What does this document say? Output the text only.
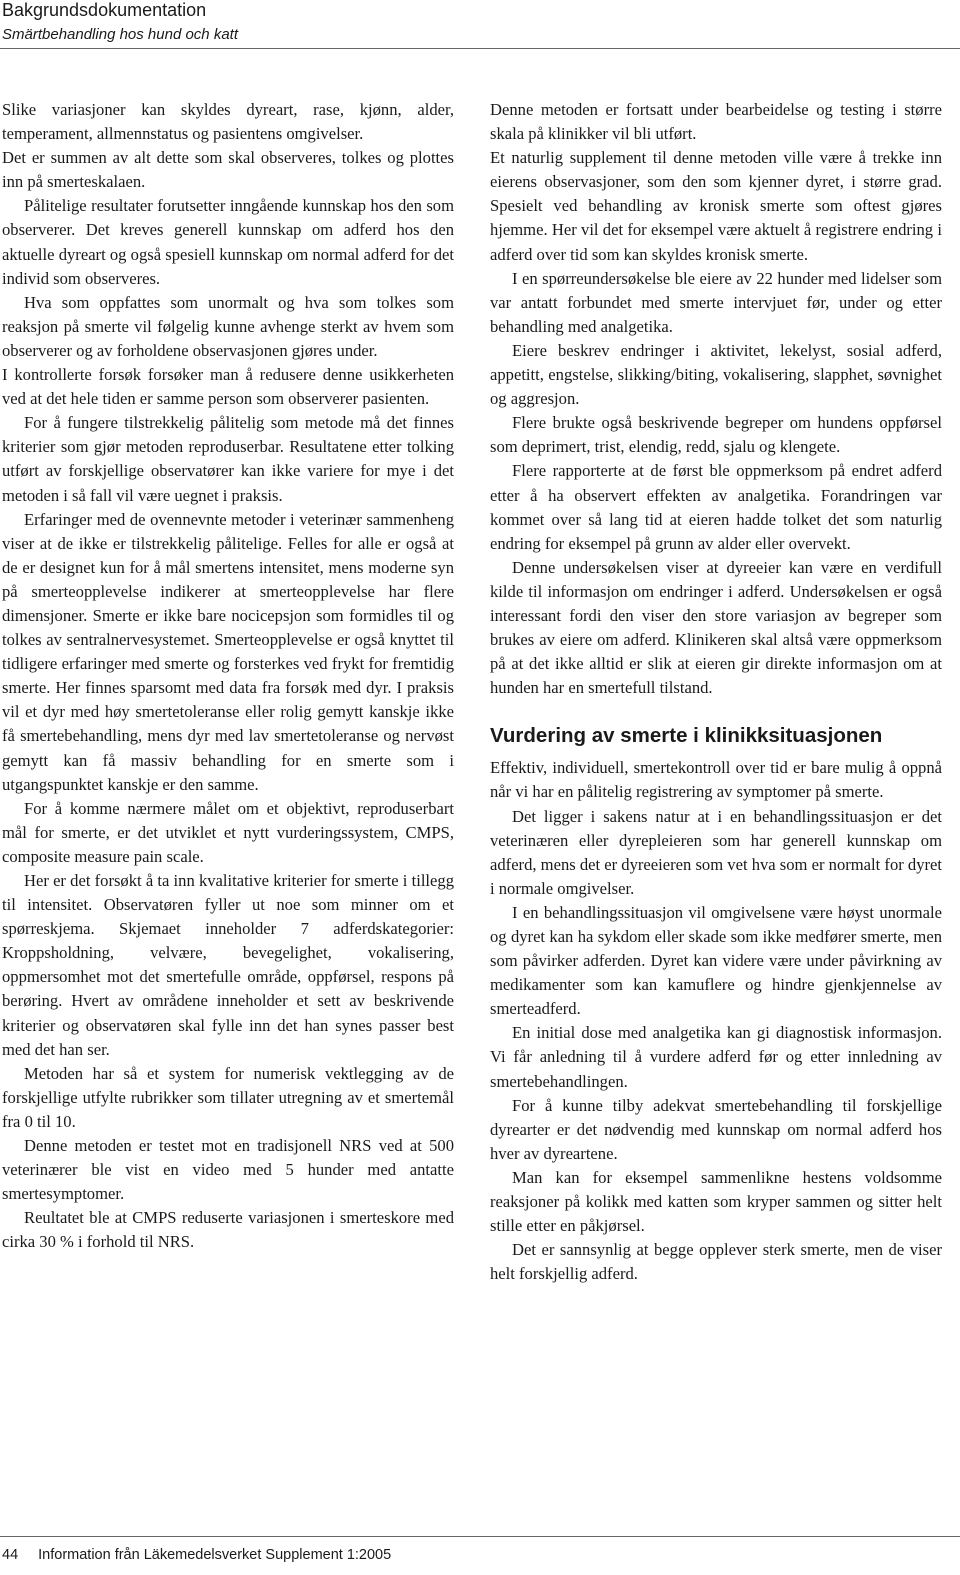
Bakgrundsdokumentation
Smärtbehandling hos hund och katt

Slike variasjoner kan skyldes dyreart, rase, kjønn, alder, temperament, allmennstatus og pasientens omgivelser.

Det er summen av alt dette som skal observeres, tolkes og plottes inn på smerteskalaen.

Pålitelige resultater forutsetter inngående kunnskap hos den som observerer. Det kreves generell kunnskap om adferd hos den aktuelle dyreart og også spesiell kunnskap om normal adferd for det individ som observeres.

Hva som oppfattes som unormalt og hva som tolkes som reaksjon på smerte vil følgelig kunne avhenge sterkt av hvem som observerer og av forholdene observasjonen gjøres under.

I kontrollerte forsøk forsøker man å redusere denne usikkerheten ved at det hele tiden er samme person som observerer pasienten.

For å fungere tilstrekkelig pålitelig som metode må det finnes kriterier som gjør metoden reproduserbar. Resultatene etter tolking utført av forskjellige observatører kan ikke variere for mye i det metoden i så fall vil være uegnet i praksis.

Erfaringer med de ovennevnte metoder i veterinær sammenheng viser at de ikke er tilstrekkelig pålitelige. Felles for alle er også at de er designet kun for å mål smertens intensitet, mens moderne syn på smerteopplevelse indikerer at smerteopplevelse har flere dimensjoner. Smerte er ikke bare nocicepsjon som formidles til og tolkes av sentralnervesystemet. Smerteopplevelse er også knyttet til tidligere erfaringer med smerte og forsterkes ved frykt for fremtidig smerte. Her finnes sparsomt med data fra forsøk med dyr. I praksis vil et dyr med høy smertetoleranse eller rolig gemytt kanskje ikke få smertebehandling, mens dyr med lav smertetoleranse og nervøst gemytt kan få massiv behandling for en smerte som i utgangspunktet kanskje er den samme.

For å komme nærmere målet om et objektivt, reproduserbart mål for smerte, er det utviklet et nytt vurderingssystem, CMPS, composite measure pain scale.

Her er det forsøkt å ta inn kvalitative kriterier for smerte i tillegg til intensitet. Observatøren fyller ut noe som minner om et spørreskjema. Skjemaet inneholder 7 adferdskategorier: Kroppsholdning, velvære, bevegelighet, vokalisering, oppmersomhet mot det smertefulle område, oppførsel, respons på berøring. Hvert av områdene inneholder et sett av beskrivende kriterier og observatøren skal fylle inn det han synes passer best med det han ser.

Metoden har så et system for numerisk vektlegging av de forskjellige utfylte rubrikker som tillater utregning av et smertemål fra 0 til 10.

Denne metoden er testet mot en tradisjonell NRS ved at 500 veterinærer ble vist en video med 5 hunder med antatte smertesymptomer.

Reultatet ble at CMPS reduserte variasjonen i smerteskore med cirka 30 % i forhold til NRS.

Denne metoden er fortsatt under bearbeidelse og testing i større skala på klinikker vil bli utført.

Et naturlig supplement til denne metoden ville være å trekke inn eierens observasjoner, som den som kjenner dyret, i større grad. Spesielt ved behandling av kronisk smerte som oftest gjøres hjemme. Her vil det for eksempel være aktuelt å registrere endring i adferd over tid som kan skyldes kronisk smerte.

I en spørreundersøkelse ble eiere av 22 hunder med lidelser som var antatt forbundet med smerte intervjuet før, under og etter behandling med analgetika.

Eiere beskrev endringer i aktivitet, lekelyst, sosial adferd, appetitt, engstelse, slikking/biting, vokalisering, slapphet, søvnighet og aggresjon.

Flere brukte også beskrivende begreper om hundens oppførsel som deprimert, trist, elendig, redd, sjalu og klengete.

Flere rapporterte at de først ble oppmerksom på endret adferd etter å ha observert effekten av analgetika. Forandringen var kommet over så lang tid at eieren hadde tolket det som naturlig endring for eksempel på grunn av alder eller overvekt.

Denne undersøkelsen viser at dyreeier kan være en verdifull kilde til informasjon om endringer i adferd. Undersøkelsen er også interessant fordi den viser den store variasjon av begreper som brukes av eiere om adferd. Klinikeren skal altså være oppmerksom på at det ikke alltid er slik at eieren gir direkte informasjon om at hunden har en smertefull tilstand.

Vurdering av smerte i klinikksituasjonen

Effektiv, individuell, smertekontroll over tid er bare mulig å oppnå når vi har en pålitelig registrering av symptomer på smerte.

Det ligger i sakens natur at i en behandlingssituasjon er det veterinæren eller dyrepleieren som har generell kunnskap om adferd, mens det er dyreeieren som vet hva som er normalt for dyret i normale omgivelser.

I en behandlingssituasjon vil omgivelsene være høyst unormale og dyret kan ha sykdom eller skade som ikke medfører smerte, men som påvirker adferden. Dyret kan videre være under påvirkning av medikamenter som kan kamuflere og hindre gjenkjennelse av smerteadferd.

En initial dose med analgetika kan gi diagnostisk informasjon. Vi får anledning til å vurdere adferd før og etter innledning av smertebehandlingen.

For å kunne tilby adekvat smertebehandling til forskjellige dyrearter er det nødvendig med kunnskap om normal adferd hos hver av dyreartene.

Man kan for eksempel sammenlikne hestens voldsomme reaksjoner på kolikk med katten som kryper sammen og sitter helt stille etter en påkjørsel.

Det er sannsynlig at begge opplever sterk smerte, men de viser helt forskjellig adferd.

44 Information från Läkemedelsverket Supplement 1:2005
